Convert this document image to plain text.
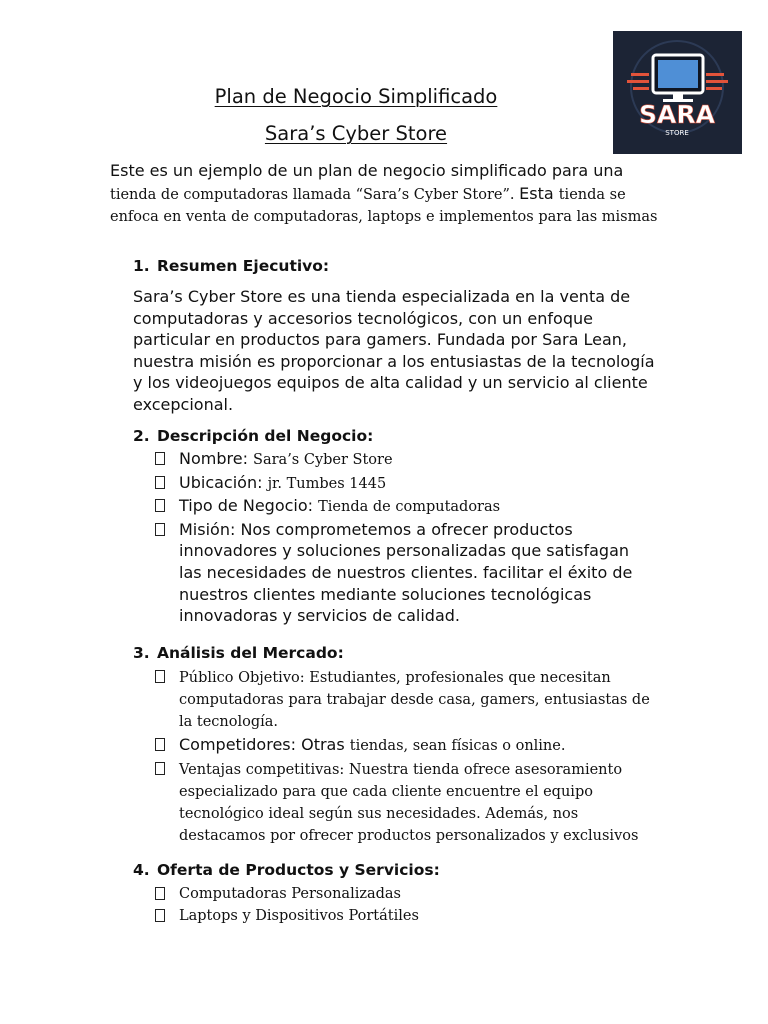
Plan de Negocio Simplificado
Sara’s Cyber Store
SARA
STORE
Este es un ejemplo de un plan de negocio simplificado para una tienda de computadoras llamada “Sara’s Cyber Store”. Esta tienda se enfoca en venta de computadoras, laptops e implementos para las mismas
1. Resumen Ejecutivo:
Sara’s Cyber Store es una tienda especializada en la venta de computadoras y accesorios tecnológicos, con un enfoque particular en productos para gamers. Fundada por Sara Lean, nuestra misión es proporcionar a los entusiastas de la tecnología y los videojuegos equipos de alta calidad y un servicio al cliente excepcional.
2. Descripción del Negocio:
Nombre: Sara’s Cyber Store
Ubicación: jr. Tumbes 1445
Tipo de Negocio: Tienda de computadoras
Misión: Nos comprometemos a ofrecer productos innovadores y soluciones personalizadas que satisfagan las necesidades de nuestros clientes. facilitar el éxito de nuestros clientes mediante soluciones tecnológicas innovadoras y servicios de calidad.
3. Análisis del Mercado:
Público Objetivo: Estudiantes, profesionales que necesitan computadoras para trabajar desde casa, gamers, entusiastas de la tecnología.
Competidores: Otras tiendas, sean físicas o online.
Ventajas competitivas: Nuestra tienda ofrece asesoramiento especializado para que cada cliente encuentre el equipo tecnológico ideal según sus necesidades. Además, nos destacamos por ofrecer productos personalizados y exclusivos
4. Oferta de Productos y Servicios:
Computadoras Personalizadas
Laptops y Dispositivos Portátiles
